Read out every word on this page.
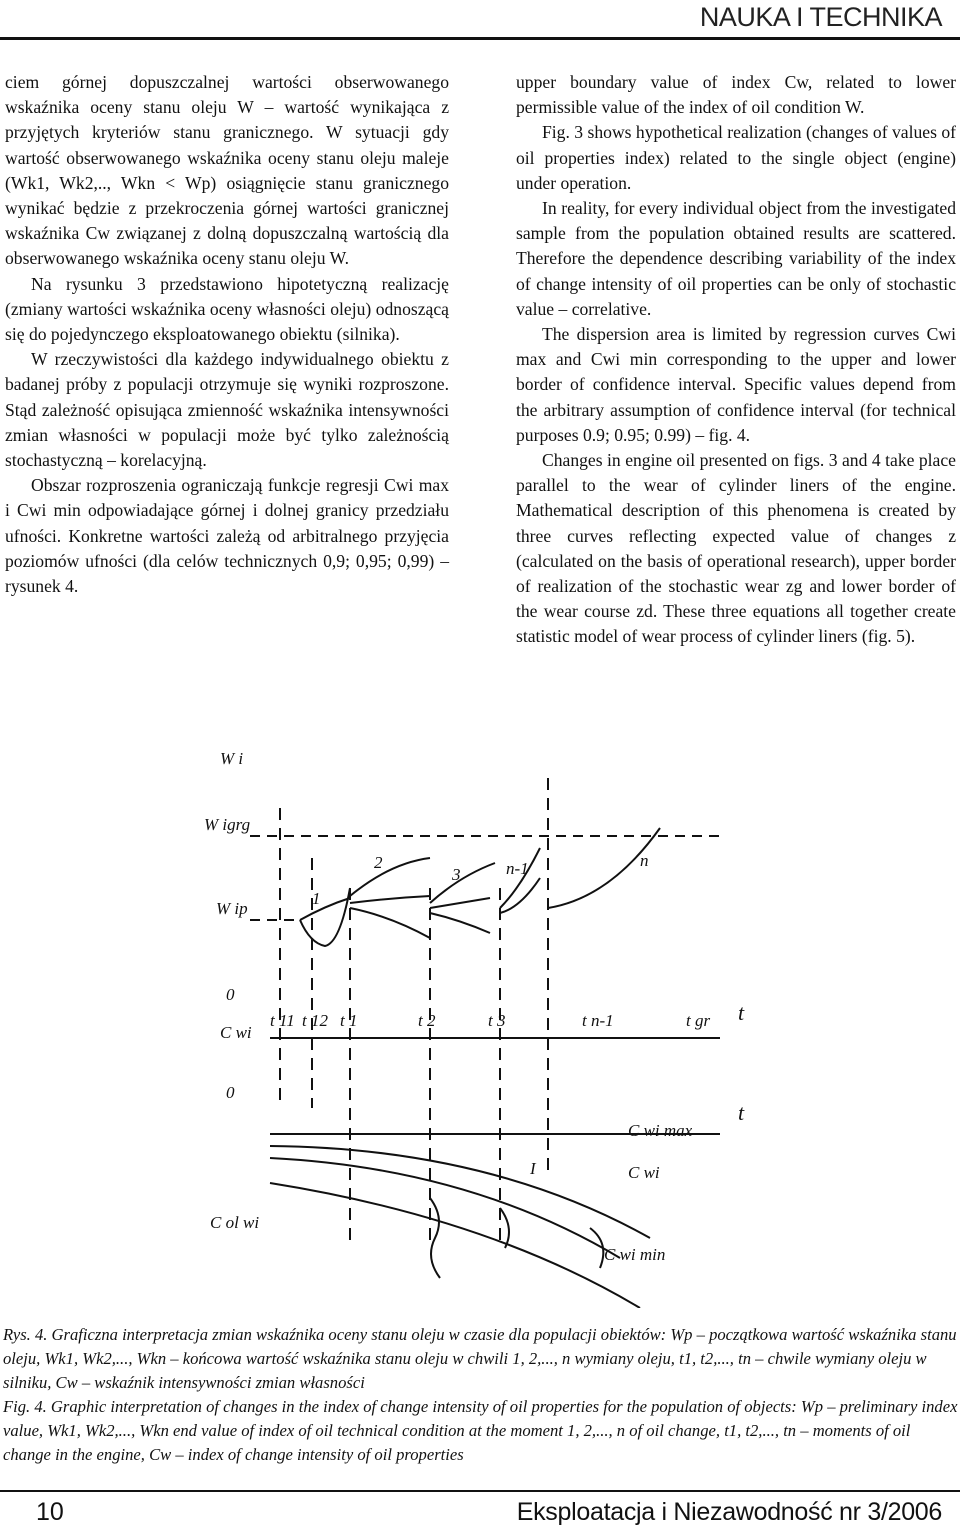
NAUKA I TECHNIKA

ciem górnej dopuszczalnej wartości obserwowanego wskaźnika oceny stanu oleju W – wartość wynikająca z przyjętych kryteriów stanu granicznego. W sytuacji gdy wartość obserwowanego wskaźnika oceny stanu oleju maleje (Wk1, Wk2,.., Wkn < Wp) osiągnięcie stanu granicznego wynikać będzie z przekroczenia górnej wartości granicznej wskaźnika Cw związanej z dolną dopuszczalną wartością dla obserwowanego wskaźnika oceny stanu oleju W.

Na rysunku 3 przedstawiono hipotetyczną realizację (zmiany wartości wskaźnika oceny własności oleju) odnoszącą się do pojedynczego eksploatowanego obiektu (silnika).

W rzeczywistości dla każdego indywidualnego obiektu z badanej próby z populacji otrzymuje się wyniki rozproszone. Stąd zależność opisująca zmienność wskaźnika intensywności zmian własności w populacji może być tylko zależnością stochastyczną – korelacyjną.

Obszar rozproszenia ograniczają funkcje regresji Cwi max i Cwi min odpowiadające górnej i dolnej granicy przedziału ufności. Konkretne wartości zależą od arbitralnego przyjęcia poziomów ufności (dla celów technicznych 0,9; 0,95; 0,99) – rysunek 4.

upper boundary value of index Cw, related to lower permissible value of the index of oil condition W.

Fig. 3 shows hypothetical realization (changes of values of oil properties index) related to the single object (engine) under operation.

In reality, for every individual object from the investigated sample from the population obtained results are scattered. Therefore the dependence describing variability of the index of change intensity of oil properties can be only of stochastic value – correlative.

The dispersion area is limited by regression curves Cwi max and Cwi min corresponding to the upper and lower border of confidence interval. Specific values depend from the arbitrary assumption of confidence interval (for technical purposes 0.9; 0.95; 0.99) – fig. 4.

Changes in engine oil presented on figs. 3 and 4 take place parallel to the wear of cylinder liners of the engine. Mathematical description of this phenomena is created by three curves reflecting expected value of changes z (calculated on the basis of operational research), upper border of realization of the stochastic wear zg and lower border of the wear course zd. These three equations all together create statistic model of wear process of cylinder liners (fig. 5).

W i
W igrg
W ip
0
C wi
0
t
t
C wi max
C wi
C wi min
C ol wi
I
t 11 t 12 t 1	t 2	t 3	t n-1	t gr
1
2
3	n-1	n

Rys. 4. Graficzna interpretacja zmian wskaźnika oceny stanu oleju w czasie dla populacji obiektów: Wp – początkowa wartość wskaźnika stanu oleju, Wk1, Wk2,..., Wkn – końcowa wartość wskaźnika stanu oleju w chwili 1, 2,..., n wymiany oleju, t1, t2,..., tn – chwile wymiany oleju w silniku, Cw – wskaźnik intensywności zmian własności

Fig. 4. Graphic interpretation of changes in the index of change intensity of oil properties for the population of objects: Wp – preliminary index value, Wk1, Wk2,..., Wkn end value of index of oil technical condition at the moment 1, 2,..., n of oil change, t1, t2,..., tn – moments of oil change in the engine, Cw – index of change intensity of oil properties

10	Eksploatacja i Niezawodność nr 3/2006
